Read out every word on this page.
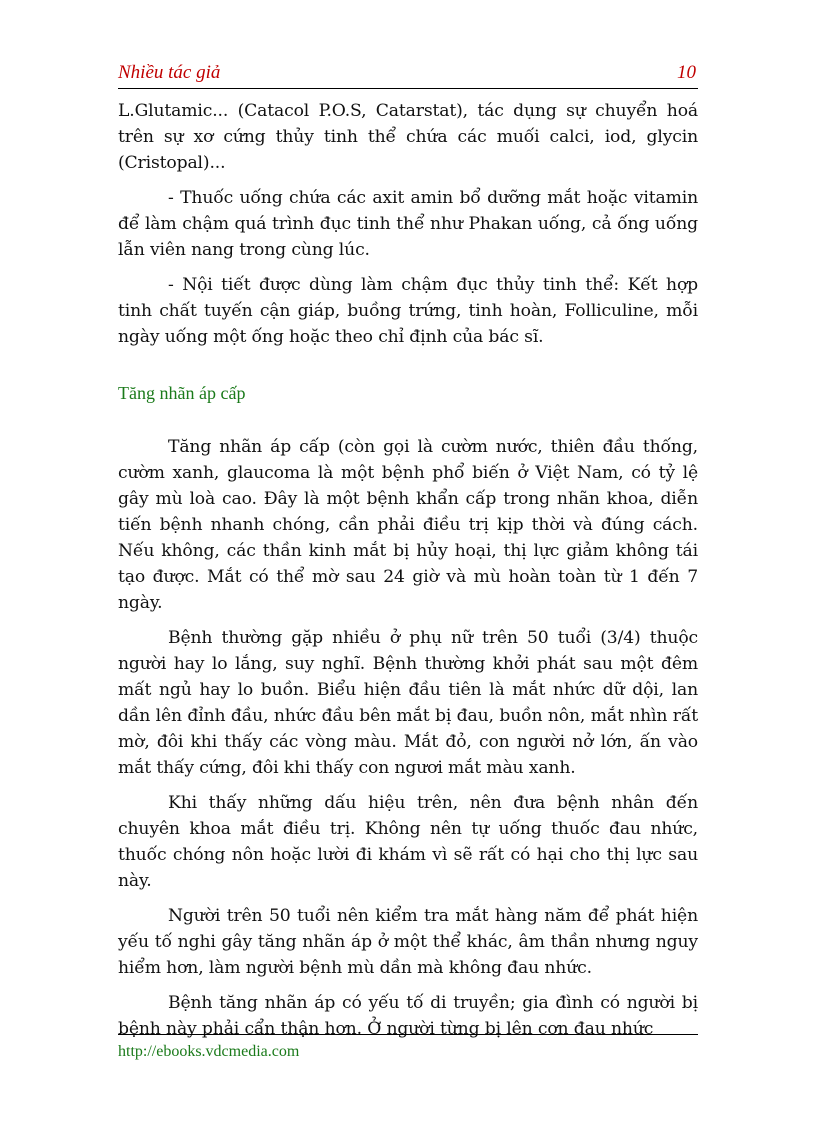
Nhiều tác giả	10

L.Glutamic... (Catacol P.O.S, Catarstat), tác dụng sự chuyển hoá trên sự xơ cứng thủy tinh thể chứa các muối calci, iod, glycin (Cristopal)...

- Thuốc uống chứa các axit amin bổ dưỡng mắt hoặc vitamin để làm chậm quá trình đục tinh thể như Phakan uống, cả ống uống lẫn viên nang trong cùng lúc.

- Nội tiết được dùng làm chậm đục thủy tinh thể: Kết hợp tinh chất tuyến cận giáp, buồng trứng, tinh hoàn, Folliculine, mỗi ngày uống một ống hoặc theo chỉ định của bác sĩ.

Tăng nhãn áp cấp

Tăng nhãn áp cấp (còn gọi là cườm nước, thiên đầu thống, cườm xanh, glaucoma là một bệnh phổ biến ở Việt Nam, có tỷ lệ gây mù loà cao. Đây là một bệnh khẩn cấp trong nhãn khoa, diễn tiến bệnh nhanh chóng, cần phải điều trị kịp thời và đúng cách. Nếu không, các thần kinh mắt bị hủy hoại, thị lực giảm không tái tạo được. Mắt có thể mờ sau 24 giờ và mù hoàn toàn từ 1 đến 7 ngày.

Bệnh thường gặp nhiều ở phụ nữ trên 50 tuổi (3/4) thuộc người hay lo lắng, suy nghĩ. Bệnh thường khởi phát sau một đêm mất ngủ hay lo buồn. Biểu hiện đầu tiên là mắt nhức dữ dội, lan dần lên đỉnh đầu, nhức đầu bên mắt bị đau, buồn nôn, mắt nhìn rất mờ, đôi khi thấy các vòng màu. Mắt đỏ, con người nở lớn, ấn vào mắt thấy cứng, đôi khi thấy con ngươi mắt màu xanh.

Khi thấy những dấu hiệu trên, nên đưa bệnh nhân đến chuyên khoa mắt điều trị. Không nên tự uống thuốc đau nhức, thuốc chóng nôn hoặc lười đi khám vì sẽ rất có hại cho thị lực sau này.

Người trên 50 tuổi nên kiểm tra mắt hàng năm để phát hiện yếu tố nghi gây tăng nhãn áp ở một thể khác, âm thần nhưng nguy hiểm hơn, làm người bệnh mù dần mà không đau nhức.

Bệnh tăng nhãn áp có yếu tố di truyền; gia đình có người bị bệnh này phải cẩn thận hơn. Ở người từng bị lên cơn đau nhức

http://ebooks.vdcmedia.com
